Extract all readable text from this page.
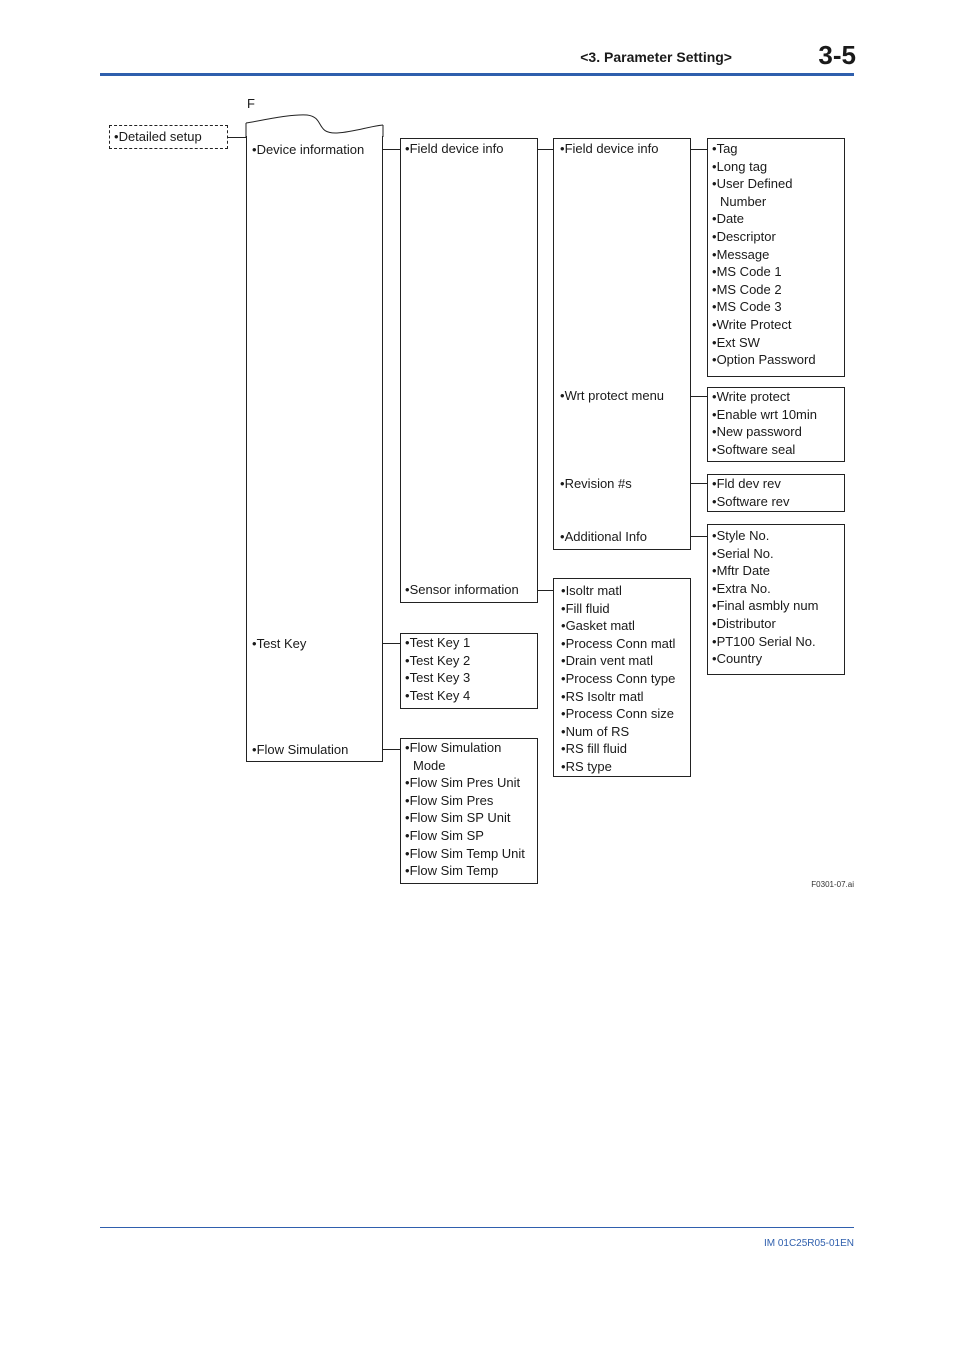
<3. Parameter Setting>	3-5
F
• Detailed setup
• Device information
• Test Key
• Flow Simulation
• Field device info
• Sensor information
• Test Key 1
• Test Key 2
• Test Key 3
• Test Key 4
• Flow Simulation
Mode
• Flow Sim Pres Unit
• Flow Sim Pres
• Flow Sim SP Unit
• Flow Sim SP
• Flow Sim Temp Unit
• Flow Sim Temp
• Field device info
• Wrt protect menu
• Revision #s
• Additional Info
• Isoltr matl
• Fill fluid
• Gasket matl
• Process Conn matl
• Drain vent matl
• Process Conn type
• RS Isoltr matl
• Process Conn size
• Num of RS
• RS fill fluid
• RS type
• Tag
• Long tag
• User Defined
Number
• Date
• Descriptor
• Message
• MS Code 1
• MS Code 2
• MS Code 3
• Write Protect
• Ext SW
• Option Password
• Write protect
• Enable wrt 10min
• New password
• Software seal
• Fld dev rev
• Software rev
• Style No.
• Serial No.
• Mftr Date
• Extra No.
• Final asmbly num
• Distributor
• PT100 Serial No.
• Country
F0301-07.ai
IM 01C25R05-01EN
